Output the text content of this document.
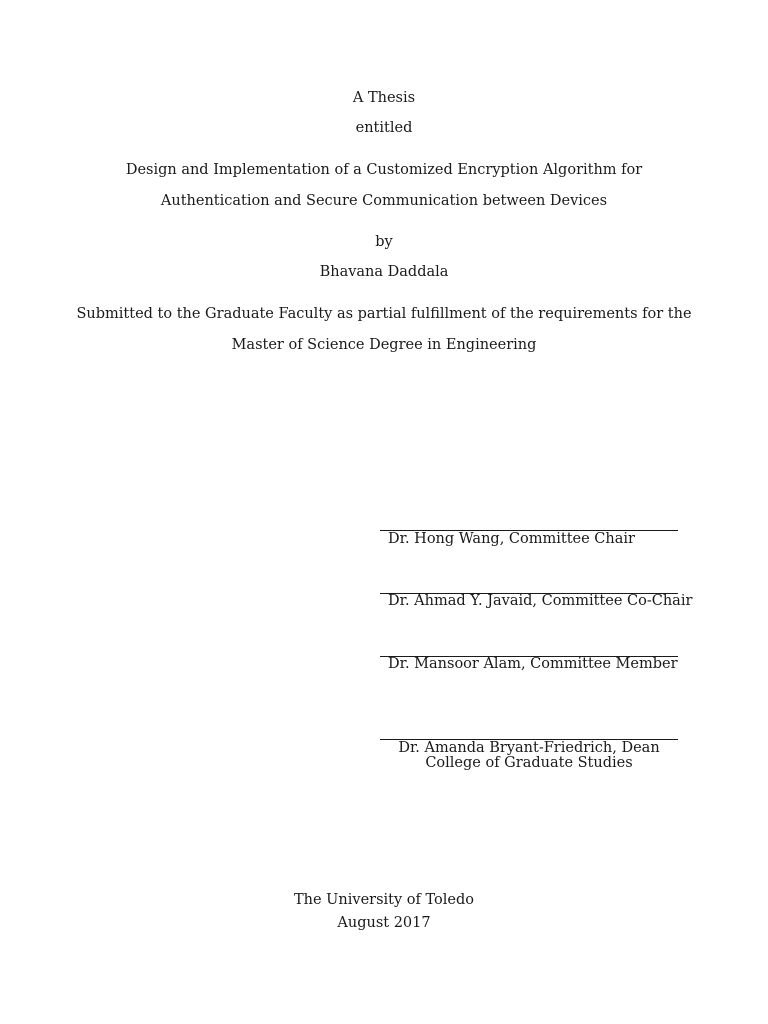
A Thesis
entitled
Design and Implementation of a Customized Encryption Algorithm for
Authentication and Secure Communication between Devices
by
Bhavana Daddala
Submitted to the Graduate Faculty as partial fulfillment of the requirements for the
Master of Science Degree in Engineering
Dr. Hong Wang, Committee Chair
Dr. Ahmad Y. Javaid, Committee Co-Chair
Dr. Mansoor Alam, Committee Member
Dr. Amanda Bryant-Friedrich, Dean
College of Graduate Studies
The University of Toledo
August 2017
